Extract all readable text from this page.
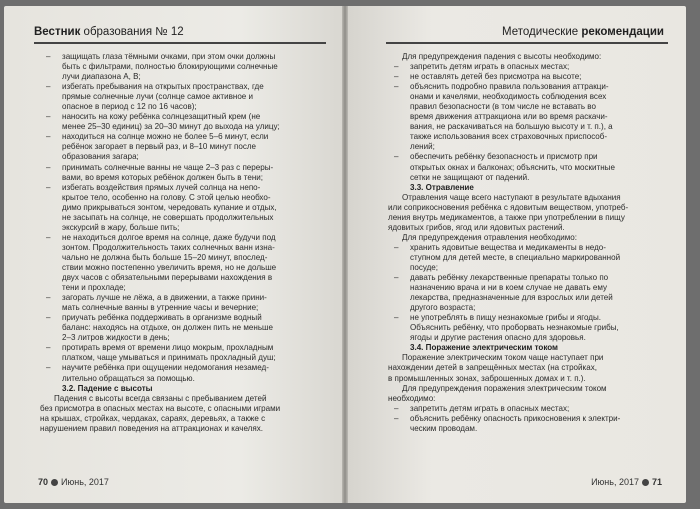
Вестник образования № 12
– защищать глаза тёмными очками, при этом очки должны
быть с фильтрами, полностью блокирующими солнечные
лучи диапазона А, В;
– избегать пребывания на открытых пространствах, где
прямые солнечные лучи (солнце самое активное и
опасное в период с 12 по 16 часов);
– наносить на кожу ребёнка солнцезащитный крем (не
менее 25–30 единиц) за 20–30 минут до выхода на улицу;
– находиться на солнце можно не более 5–6 минут, если
ребёнок загорает в первый раз, и 8–10 минут после
образования загара;
– принимать солнечные ванны не чаще 2–3 раз с переры-
вами, во время которых ребёнок должен быть в тени;
– избегать воздействия прямых лучей солнца на непо-
крытое тело, особенно на голову. С этой целью необхо-
димо прикрываться зонтом, чередовать купание и отдых,
не засыпать на солнце, не совершать продолжительных
экскурсий в жару, больше пить;
– не находиться долгое время на солнце, даже будучи под
зонтом. Продолжительность таких солнечных ванн изна-
чально не должна быть больше 15–20 минут, впослед-
ствии можно постепенно увеличить время, но не дольше
двух часов с обязательными перерывами нахождения в
тени и прохладе;
– загорать лучше не лёжа, а в движении, а также прини-
мать солнечные ванны в утренние часы и вечерние;
– приучать ребёнка поддерживать в организме водный
баланс: находясь на отдыхе, он должен пить не меньше
2–3 литров жидкости в день;
– протирать время от времени лицо мокрым, прохладным
платком, чаще умываться и принимать прохладный душ;
– научите ребёнка при ощущении недомогания незамед-
лительно обращаться за помощью.
3.2. Падение с высоты
Падения с высоты всегда связаны с пребыванием детей
без присмотра в опасных местах на высоте, с опасными играми
на крышах, стройках, чердаках, сараях, деревьях, а также с
нарушением правил поведения на аттракционах и качелях.
70 Июнь, 2017
Методические рекомендации
Для предупреждения падения с высоты необходимо:
– запретить детям играть в опасных местах;
– не оставлять детей без присмотра на высоте;
– объяснить подробно правила пользования аттракци-
онами и качелями, необходимость соблюдения всех
правил безопасности (в том числе не вставать во
время движения аттракциона или во время раскачи-
вания, не раскачиваться на большую высоту и т. п.), а
также использования всех страховочных приспособ-
лений;
– обеспечить ребёнку безопасность и присмотр при
открытых окнах и балконах; объяснить, что москитные
сетки не защищают от падений.
3.3. Отравление
Отравления чаще всего наступают в результате вдыхания
или соприкосновения ребёнка с ядовитым веществом, употреб-
ления внутрь медикаментов, а также при употреблении в пищу
ядовитых грибов, ягод или ядовитых растений.
Для предупреждения отравления необходимо:
– хранить ядовитые вещества и медикаменты в недо-
ступном для детей месте, в специально маркированной
посуде;
– давать ребёнку лекарственные препараты только по
назначению врача и ни в коем случае не давать ему
лекарства, предназначенные для взрослых или детей
другого возраста;
– не употреблять в пищу незнакомые грибы и ягоды.
Объяснить ребёнку, что проборвать незнакомые грибы,
ягоды и другие растения опасно для здоровья.
3.4. Поражение электрическим током
Поражение электрическим током чаще наступает при
нахождении детей в запрещённых местах (на стройках,
в промышленных зонах, заброшенных домах и т. п.).
Для предупреждения поражения электрическим током
необходимо:
– запретить детям играть в опасных местах;
– объяснить ребёнку опасность прикосновения к электри-
ческим проводам.
Июнь, 2017 71
